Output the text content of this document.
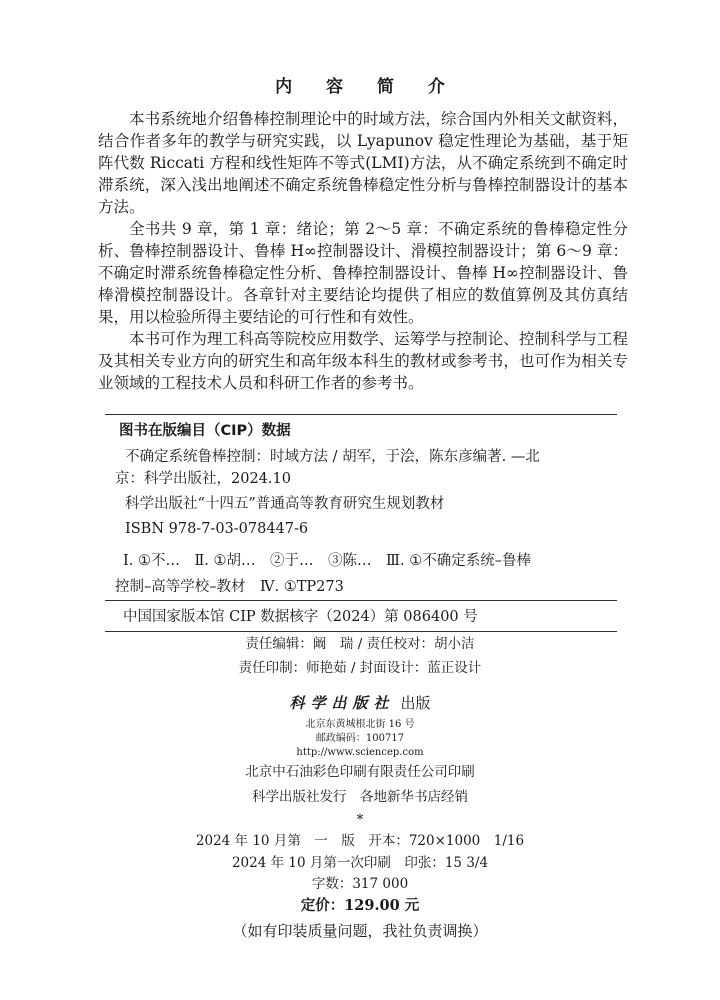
内 容 简 介

本书系统地介绍鲁棒控制理论中的时域方法，综合国内外相关文献资料，结合作者多年的教学与研究实践，以 Lyapunov 稳定性理论为基础，基于矩阵代数 Riccati 方程和线性矩阵不等式(LMI)方法，从不确定系统到不确定时滞系统，深入浅出地阐述不确定系统鲁棒稳定性分析与鲁棒控制器设计的基本方法。

全书共 9 章，第 1 章：绪论；第 2～5 章：不确定系统的鲁棒稳定性分析、鲁棒控制器设计、鲁棒 H∞控制器设计、滑模控制器设计；第 6～9 章：不确定时滞系统鲁棒稳定性分析、鲁棒控制器设计、鲁棒 H∞控制器设计、鲁棒滑模控制器设计。各章针对主要结论均提供了相应的数值算例及其仿真结果，用以检验所得主要结论的可行性和有效性。

本书可作为理工科高等院校应用数学、运筹学与控制论、控制科学与工程及其相关专业方向的研究生和高年级本科生的教材或参考书，也可作为相关专业领域的工程技术人员和科研工作者的参考书。

图书在版编目（CIP）数据
不确定系统鲁棒控制：时域方法 / 胡军，于浍，陈东彦编著. —北
京：科学出版社，2024.10
科学出版社“十四五”普通高等教育研究生规划教材
ISBN 978-7-03-078447-6
Ⅰ. ①不…　Ⅱ. ①胡…　②于…　③陈…　Ⅲ. ①不确定系统–鲁棒
控制–高等学校–教材　Ⅳ. ①TP273
中国国家版本馆 CIP 数据核字（2024）第 086400 号
责任编辑：阚　瑞 / 责任校对：胡小洁
责任印制：师艳茹 / 封面设计：蓝正设计
科学出版社 出版
北京东黄城根北街 16 号
邮政编码：100717
http://www.sciencep.com
北京中石油彩色印刷有限责任公司印刷
科学出版社发行　各地新华书店经销
*
2024 年 10 月第　一　版　开本：720×1000　1/16
2024 年 10 月第一次印刷　印张：15 3/4
字数：317 000
定价：129.00 元
（如有印装质量问题，我社负责调换）
